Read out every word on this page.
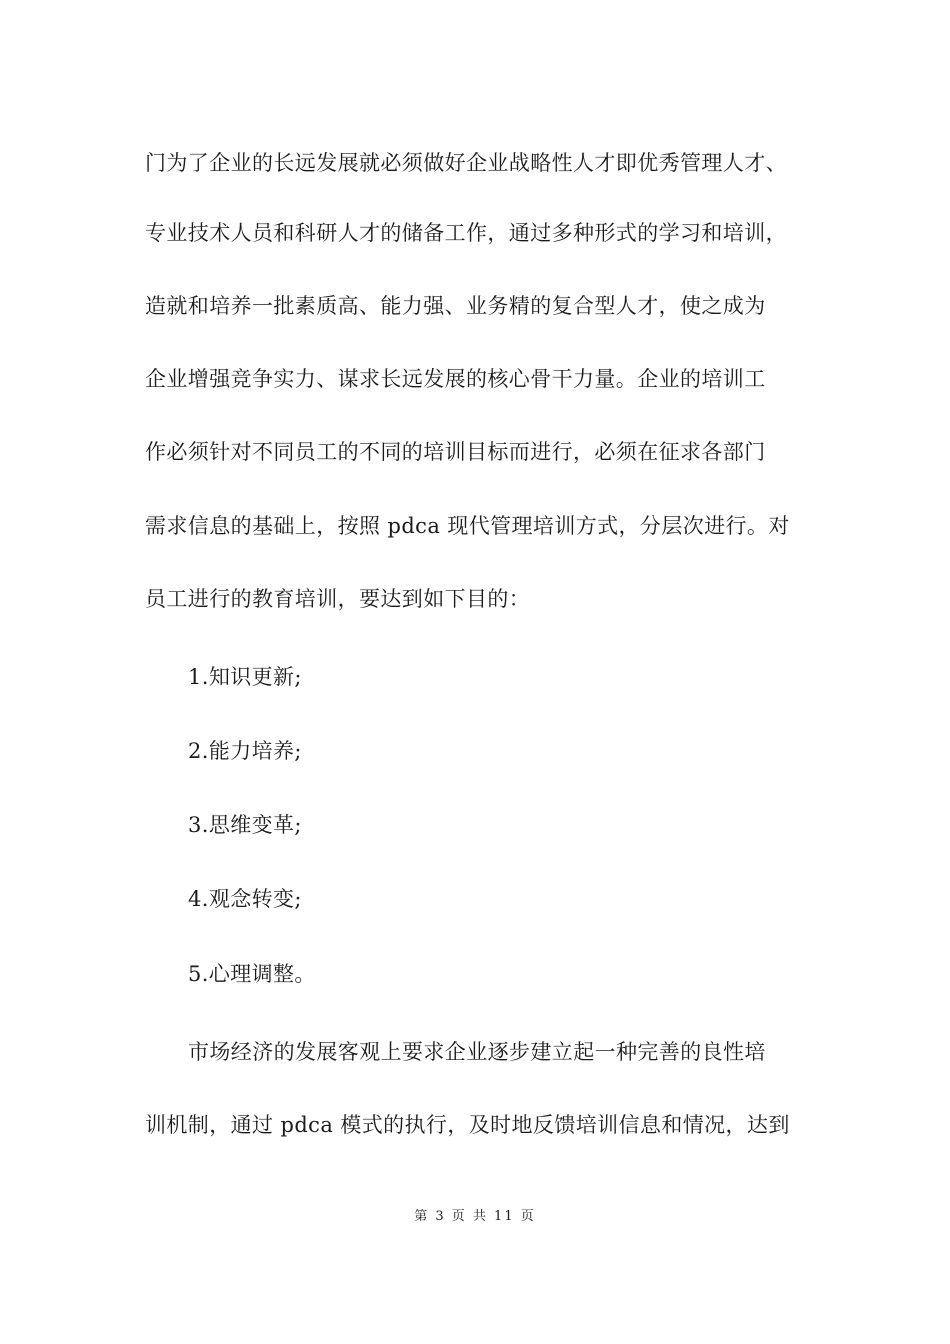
门为了企业的长远发展就必须做好企业战略性人才即优秀管理人才、
专业技术人员和科研人才的储备工作，通过多种形式的学习和培训，
造就和培养一批素质高、能力强、业务精的复合型人才，使之成为
企业增强竞争实力、谋求长远发展的核心骨干力量。企业的培训工
作必须针对不同员工的不同的培训目标而进行，必须在征求各部门
需求信息的基础上，按照 pdca 现代管理培训方式，分层次进行。对
员工进行的教育培训，要达到如下目的：
1.知识更新;
2.能力培养;
3.思维变革;
4.观念转变;
5.心理调整。
市场经济的发展客观上要求企业逐步建立起一种完善的良性培
训机制，通过 pdca 模式的执行，及时地反馈培训信息和情况，达到
第 3 页 共 11 页
